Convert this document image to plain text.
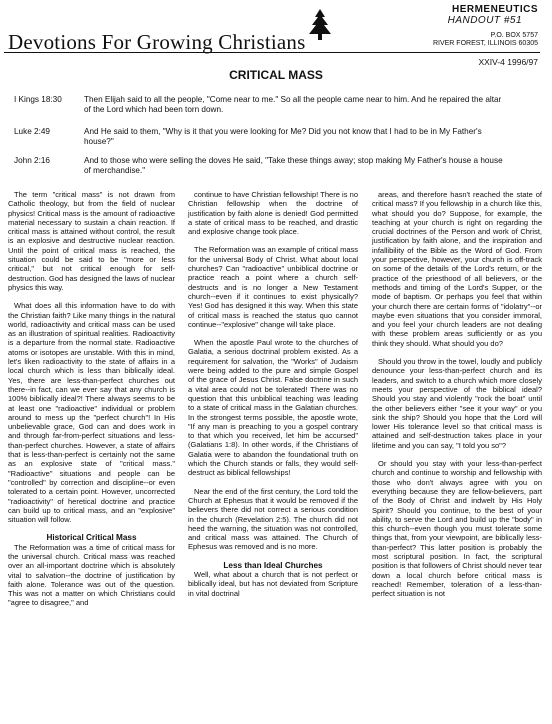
Devotions For Growing Christians
HERMENEUTICS
HANDOUT #51
P.O. BOX 5757
RIVER FOREST, ILLINOIS 60305
XXIV-4 1996/97
CRITICAL MASS
I Kings 18:30	Then Elijah said to all the people, "Come near to me." So all the people came near to him. And he repaired the altar of the Lord which had been torn down.
Luke 2:49	And He said to them, "Why is it that you were looking for Me? Did you not know that I had to be in My Father's house?"
John 2:16	And to those who were selling the doves He said, "Take these things away; stop making My Father's house a house of merchandise."

The term "critical mass" is not drawn from Catholic theology, but from the field of nuclear physics! Critical mass is the amount of radioactive material necessary to sustain a chain reaction. If critical mass is attained without control, the result is an explosive and destructive nuclear reaction. Until the point of critical mass is reached, the situation could be said to be "more or less critical," but not critical enough for self-destruction. God has designed the laws of nuclear physics this way.

What does all this information have to do with the Christian faith? Like many things in the natural world, radioactivity and critical mass can be used as an illustration of spiritual realities. Radioactivity is a departure from the normal state. Radioactive atoms or isotopes are unstable. With this in mind, let's liken radioactivity to the state of affairs in a local church which is less than biblically ideal. Yes, there are less-than-perfect churches out there--in fact, can we ever say that any church is 100% biblically ideal?! There always seems to be at least one "radioactive" individual or problem around to mess up the "perfect church"! In His unbelievable grace, God can and does work in and through far-from-perfect situations and less-than-perfect churches. However, a state of affairs that is less-than-perfect is certainly not the same as an explosive state of "critical mass." "Radioactive" situations and people can be "controlled" by correction and discipline--or even tolerated to a certain point. However, uncorrected "radioactivity" of heretical doctrine and practice can build up to critical mass, and an "explosive" situation will follow.

Historical Critical Mass

The Reformation was a time of critical mass for the universal church. Critical mass was reached over an all-important doctrine which is absolutely vital to salvation--the doctrine of justification by faith alone. Tolerance was out of the question. This was not a matter on which Christians could "agree to disagree," and

continue to have Christian fellowship! There is no Christian fellowship when the doctrine of justification by faith alone is denied! God permitted a state of critical mass to be reached, and drastic and explosive change took place.

The Reformation was an example of critical mass for the universal Body of Christ. What about local churches? Can "radioactive" unbiblical doctrine or practice reach a point where a church self-destructs and is no longer a New Testament church--even if it continues to exist physically? Yes! God has designed it this way. When this state of critical mass is reached the status quo cannot continue--"explosive" change will take place.

When the apostle Paul wrote to the churches of Galatia, a serious doctrinal problem existed. As a requirement for salvation, the "Works" of Judaism were being added to the pure and simple Gospel of the grace of Jesus Christ. False doctrine in such a vital area could not be tolerated! There was no question that this unbiblical teaching was leading to a state of critical mass in the Galatian churches. In the strongest terms possible, the apostle wrote, "If any man is preaching to you a gospel contrary to that which you received, let him be accursed" (Galatians 1:8). In other words, if the Christians of Galatia were to abandon the foundational truth on which the Church stands or falls, they would self-destruct as biblical fellowships!

Near the end of the first century, the Lord told the Church at Ephesus that it would be removed if the believers there did not correct a serious condition in the church (Revelation 2:5). The church did not heed the warning, the situation was not controlled, and critical mass was attained. The Church of Ephesus was removed and is no more.

Less than Ideal Churches

Well, what about a church that is not perfect or biblically ideal, but has not deviated from Scripture in vital doctrinal

areas, and therefore hasn't reached the state of critical mass? If you fellowship in a church like this, what should you do? Suppose, for example, the teaching at your church is right on regarding the crucial doctrines of the Person and work of Christ, justification by faith alone, and the inspiration and infallibility of the Bible as the Word of God. From your perspective, however, your church is off-track on some of the details of the Lord's return, or the practice of the priesthood of all believers, or the methods and timing of the Lord's Supper, or the mode of baptism. Or perhaps you feel that within your church there are certain forms of "idolatry"--or maybe even situations that you consider immoral, and you feel your church leaders are not dealing with these problem areas sufficiently or as you think they should. What should you do?

Should you throw in the towel, loudly and publicly denounce your less-than-perfect church and its leaders, and switch to a church which more closely meets your perspective of the biblical ideal? Should you stay and violently "rock the boat" until the other believers either "see it your way" or you sink the ship? Should you hope that the Lord will lower His tolerance level so that critical mass is attained and self-destruction takes place in your lifetime and you can say, "I told you so"?

Or should you stay with your less-than-perfect church and continue to worship and fellowship with those who don't always agree with you on everything because they are fellow-believers, part of the Body of Christ and indwelt by His Holy Spirit? Should you continue, to the best of your ability, to serve the Lord and build up the "body" in this church--even though you must tolerate some things that, from your viewpoint, are biblically less-than-perfect? This latter position is probably the most scriptural position. In fact, the scriptural position is that followers of Christ should never tear down a local church before critical mass is reached! Remember, toleration of a less-than-perfect situation is not
